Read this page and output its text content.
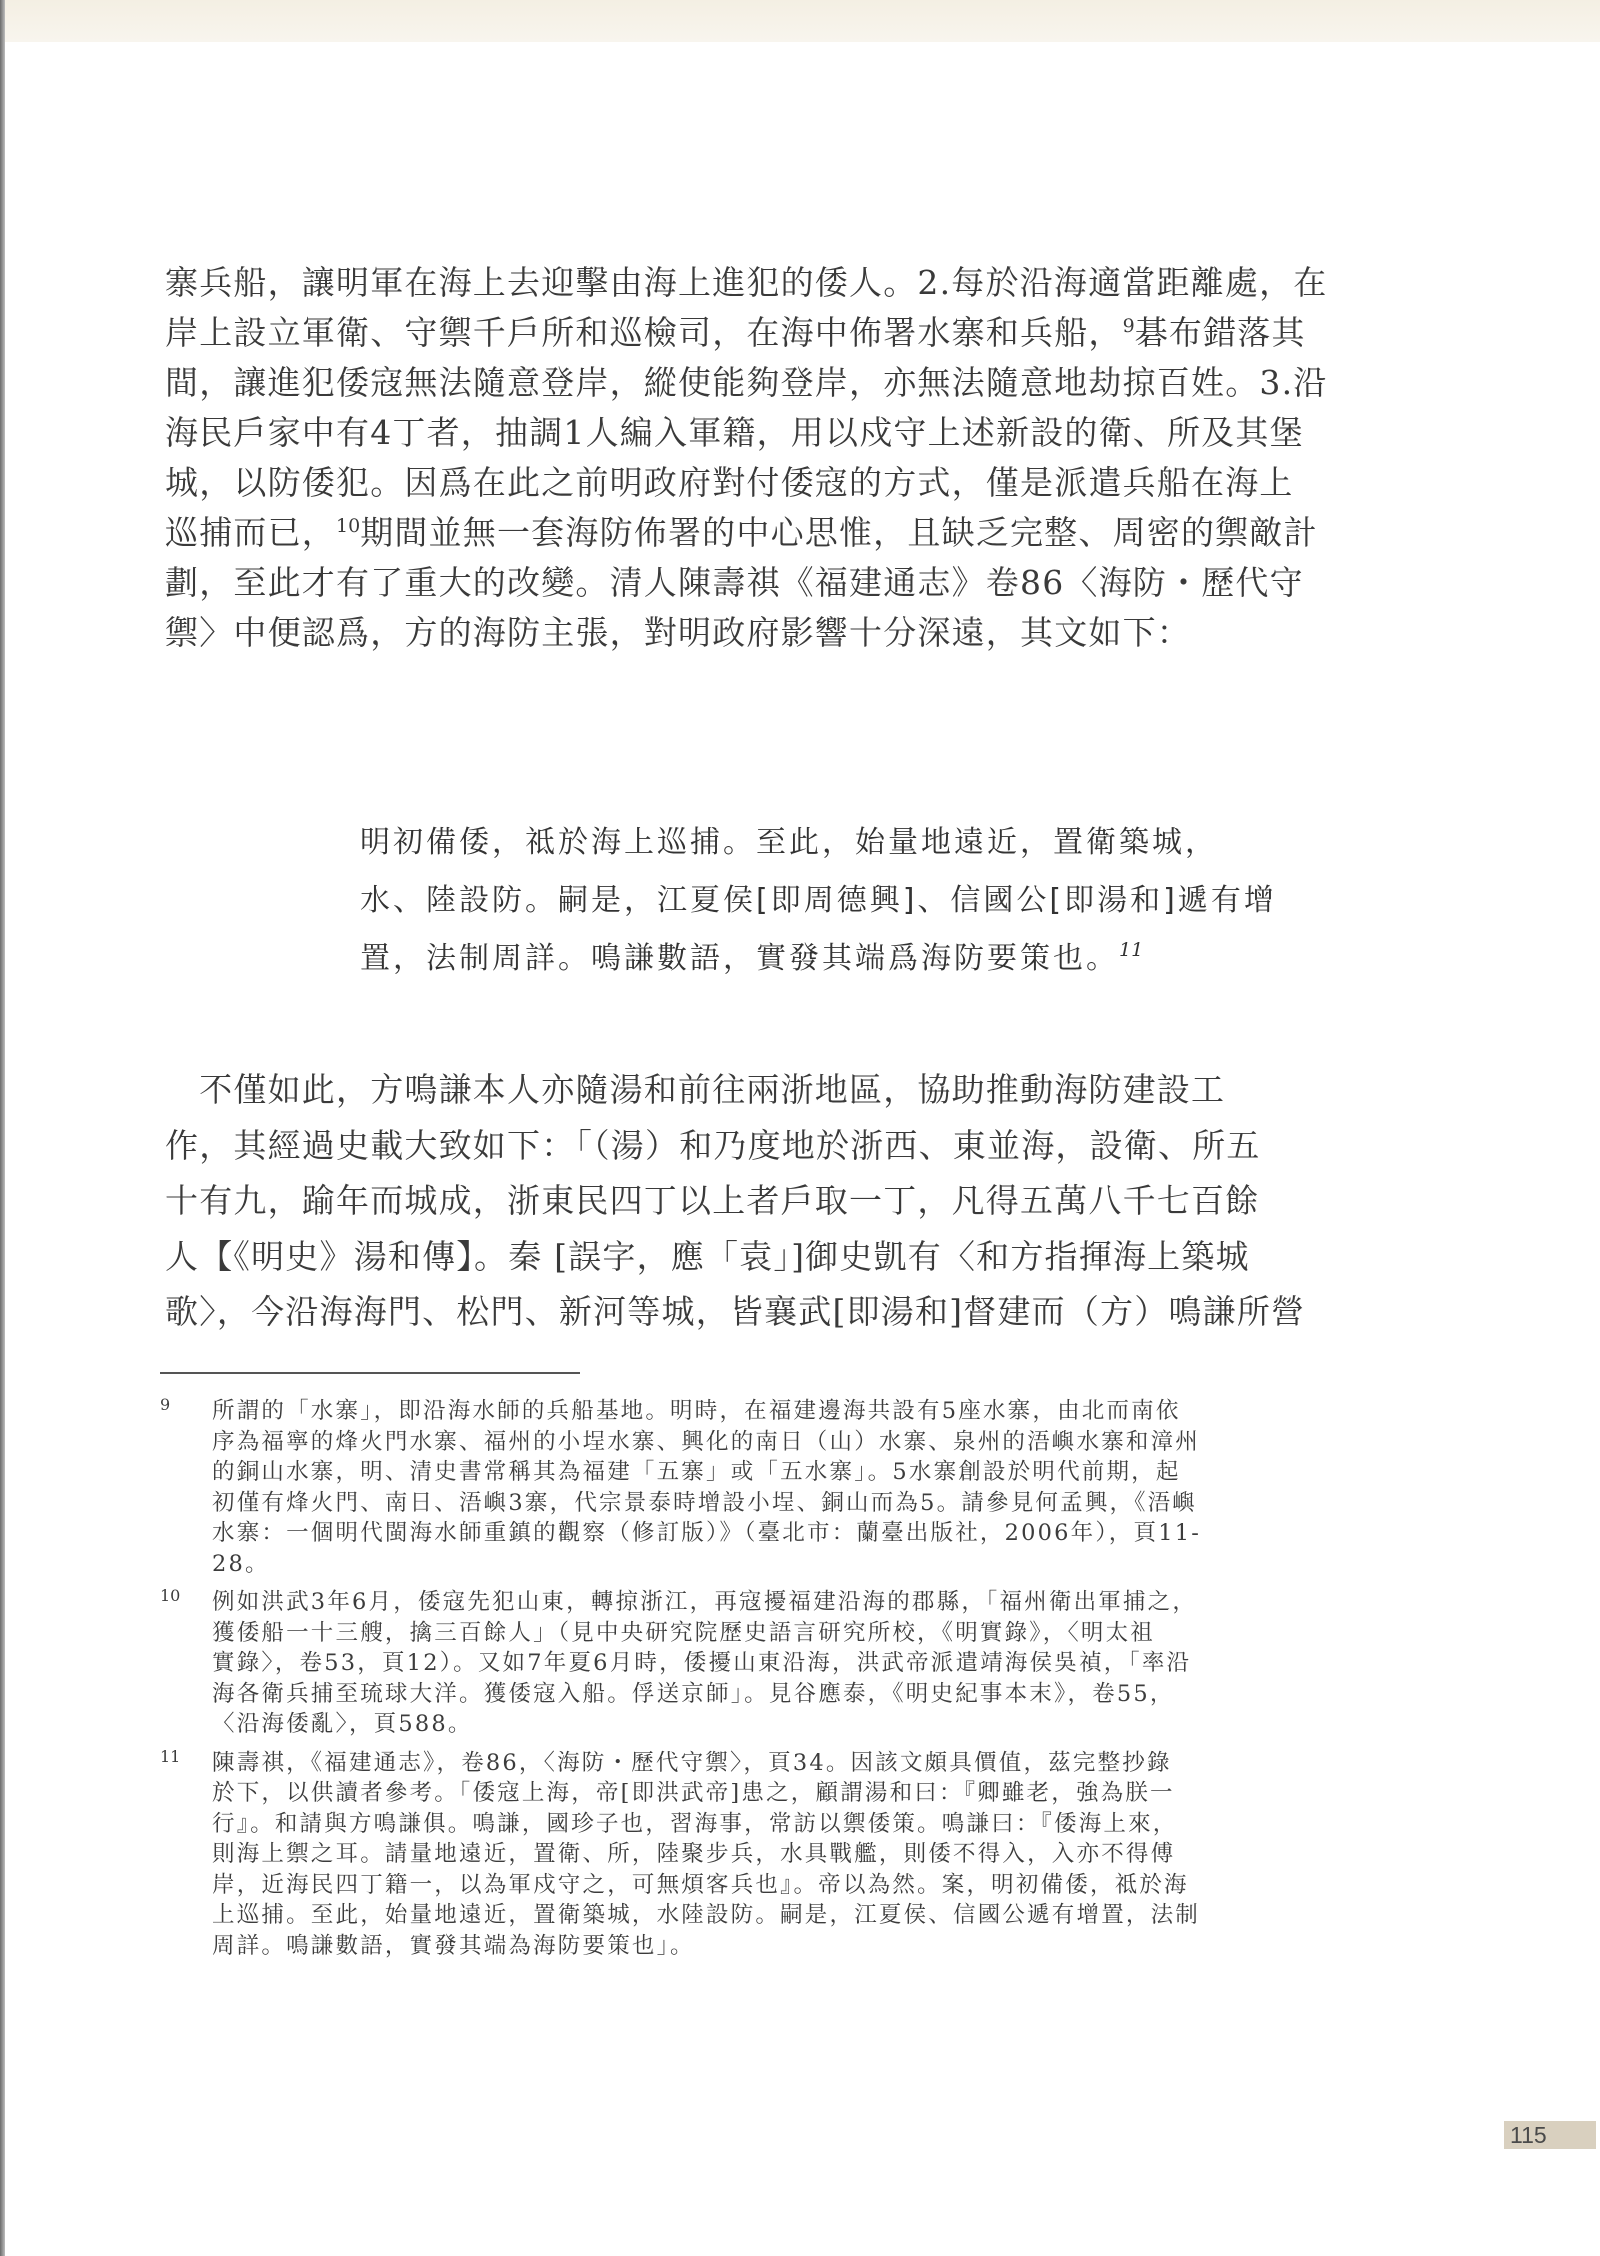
寨兵船，讓明軍在海上去迎擊由海上進犯的倭人。2.每於沿海適當距離處，在
岸上設立軍衛、守禦千戶所和巡檢司，在海中佈署水寨和兵船，$^9$碁布錯落其
間，讓進犯倭寇無法隨意登岸，縱使能夠登岸，亦無法隨意地劫掠百姓。3.沿
海民戶家中有4丁者，抽調1人編入軍籍，用以戍守上述新設的衛、所及其堡
城，以防倭犯。因爲在此之前明政府對付倭寇的方式，僅是派遣兵船在海上
巡捕而已，$^{10}$期間並無一套海防佈署的中心思惟，且缺乏完整、周密的禦敵計
劃，至此才有了重大的改變。清人陳壽祺《福建通志》卷86〈海防・歷代守
禦〉中便認爲，方的海防主張，對明政府影響十分深遠，其文如下：
明初備倭，祗於海上巡捕。至此，始量地遠近，置衛築城，
水、陸設防。嗣是，江夏侯[即周德興]、信國公[即湯和]遞有增
置，法制周詳。鳴謙數語，實發其端爲海防要策也。$^{11}$
　不僅如此，方鳴謙本人亦隨湯和前往兩浙地區，協助推動海防建設工
作，其經過史載大致如下：「（湯）和乃度地於浙西、東並海，設衛、所五
十有九，踰年而城成，浙東民四丁以上者戶取一丁，凡得五萬八千七百餘
人【《明史》湯和傳】。秦 [誤字，應「袁」]御史凱有〈和方指揮海上築城
歌〉，今沿海海門、松門、新河等城，皆襄武[即湯和]督建而（方）鳴謙所營
9 所謂的「水寨」，即沿海水師的兵船基地。明時，在福建邊海共設有5座水寨，由北而南依
序為福寧的烽火門水寨、福州的小埕水寨、興化的南日（山）水寨、泉州的浯嶼水寨和漳州
的銅山水寨，明、清史書常稱其為福建「五寨」或「五水寨」。5水寨創設於明代前期，起
初僅有烽火門、南日、浯嶼3寨，代宗景泰時增設小埕、銅山而為5。請參見何孟興，《浯嶼
水寨：一個明代閩海水師重鎮的觀察（修訂版）》（臺北市：蘭臺出版社，2006年），頁11-
28。
10 例如洪武3年6月，倭寇先犯山東，轉掠浙江，再寇擾福建沿海的郡縣，「福州衛出軍捕之，
獲倭船一十三艘，擒三百餘人」（見中央研究院歷史語言研究所校，《明實錄》，〈明太祖
實錄〉，卷53，頁12）。又如7年夏6月時，倭擾山東沿海，洪武帝派遣靖海侯吳禎，「率沿
海各衛兵捕至琉球大洋。獲倭寇入船。俘送京師」。見谷應泰，《明史紀事本末》，卷55，
〈沿海倭亂〉，頁588。
11 陳壽祺，《福建通志》，卷86，〈海防・歷代守禦〉，頁34。因該文頗具價值，茲完整抄錄
於下，以供讀者參考。「倭寇上海，帝[即洪武帝]患之，顧謂湯和曰：『卿雖老，強為朕一
行』。和請與方鳴謙俱。鳴謙，國珍子也，習海事，常訪以禦倭策。鳴謙曰：『倭海上來，
則海上禦之耳。請量地遠近，置衛、所，陸聚步兵，水具戰艦，則倭不得入，入亦不得傅
岸，近海民四丁籍一，以為軍戍守之，可無煩客兵也』。帝以為然。案，明初備倭，祗於海
上巡捕。至此，始量地遠近，置衛築城，水陸設防。嗣是，江夏侯、信國公遞有增置，法制
周詳。鳴謙數語，實發其端為海防要策也」。
115
